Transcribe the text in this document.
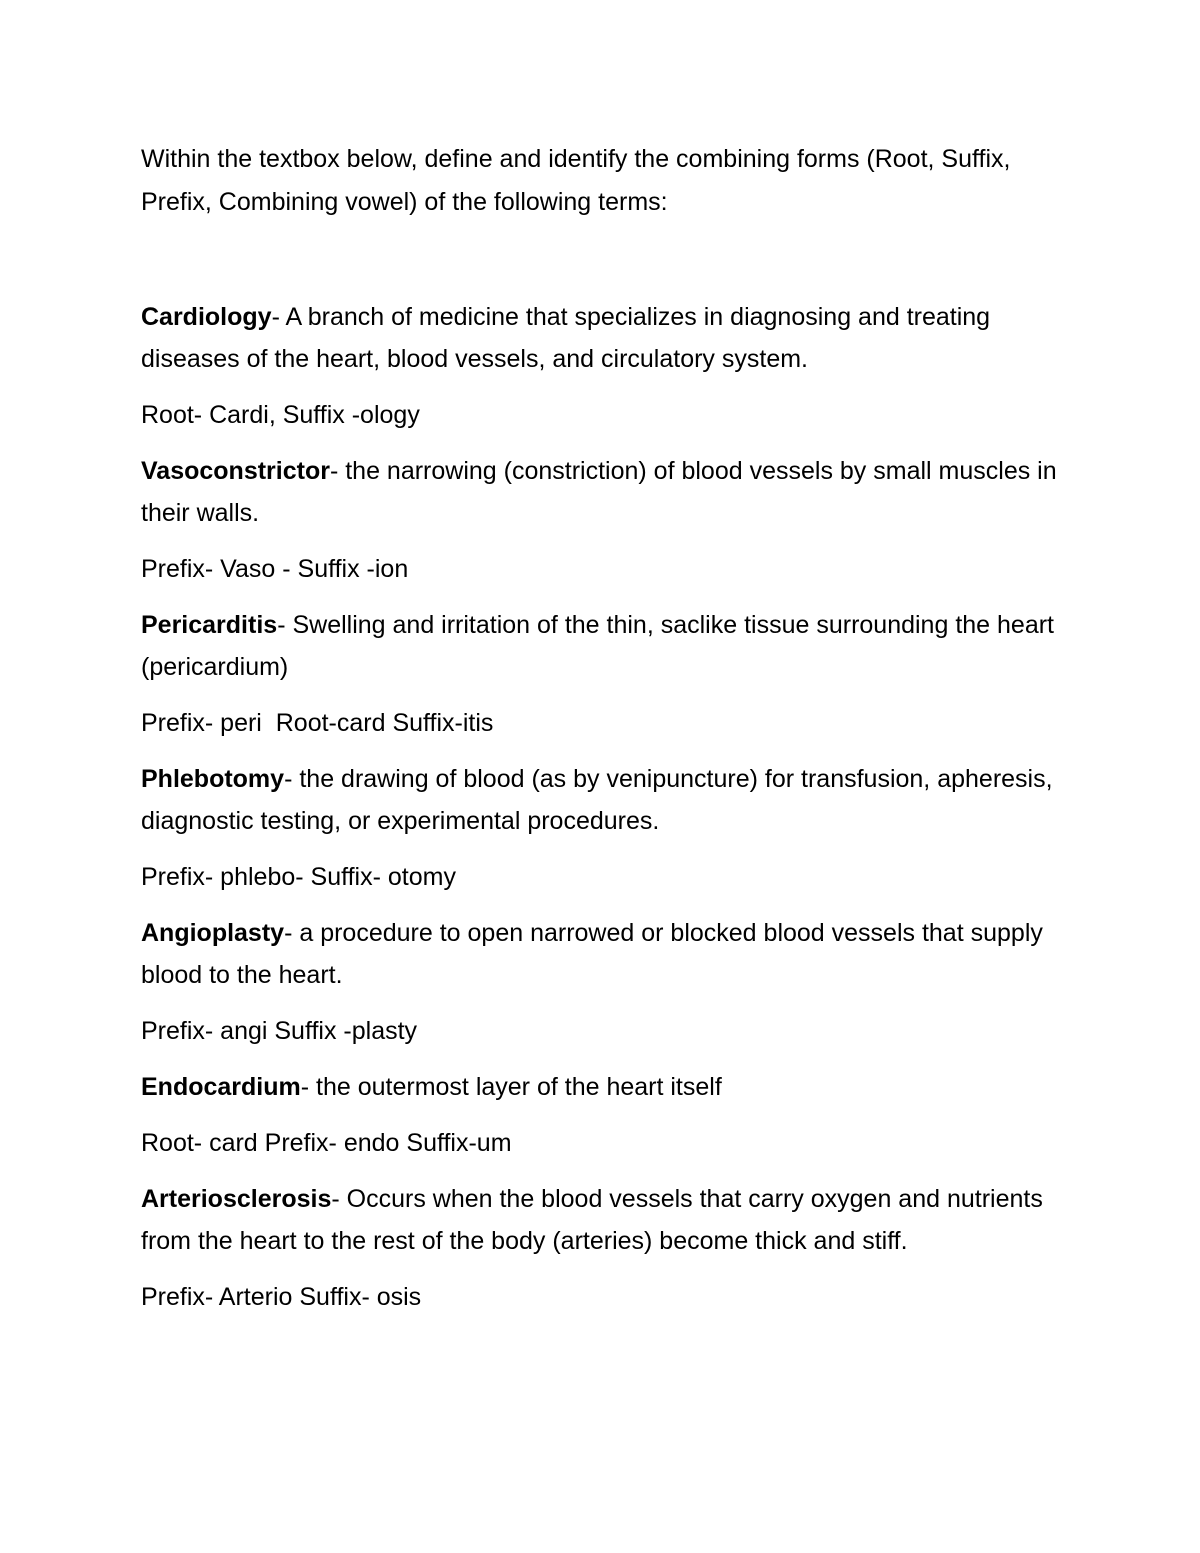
Within the textbox below, define and identify the combining forms (Root, Suffix, Prefix, Combining vowel) of the following terms:

Cardiology- A branch of medicine that specializes in diagnosing and treating diseases of the heart, blood vessels, and circulatory system.

Root- Cardi, Suffix -ology

Vasoconstrictor- the narrowing (constriction) of blood vessels by small muscles in their walls.

Prefix- Vaso - Suffix -ion

Pericarditis- Swelling and irritation of the thin, saclike tissue surrounding the heart (pericardium)

Prefix- peri  Root-card Suffix-itis

Phlebotomy- the drawing of blood (as by venipuncture) for transfusion, apheresis, diagnostic testing, or experimental procedures.

Prefix- phlebo- Suffix- otomy

Angioplasty- a procedure to open narrowed or blocked blood vessels that supply blood to the heart.

Prefix- angi Suffix -plasty

Endocardium- the outermost layer of the heart itself

Root- card Prefix- endo Suffix-um

Arteriosclerosis- Occurs when the blood vessels that carry oxygen and nutrients from the heart to the rest of the body (arteries) become thick and stiff.

Prefix- Arterio Suffix- osis
